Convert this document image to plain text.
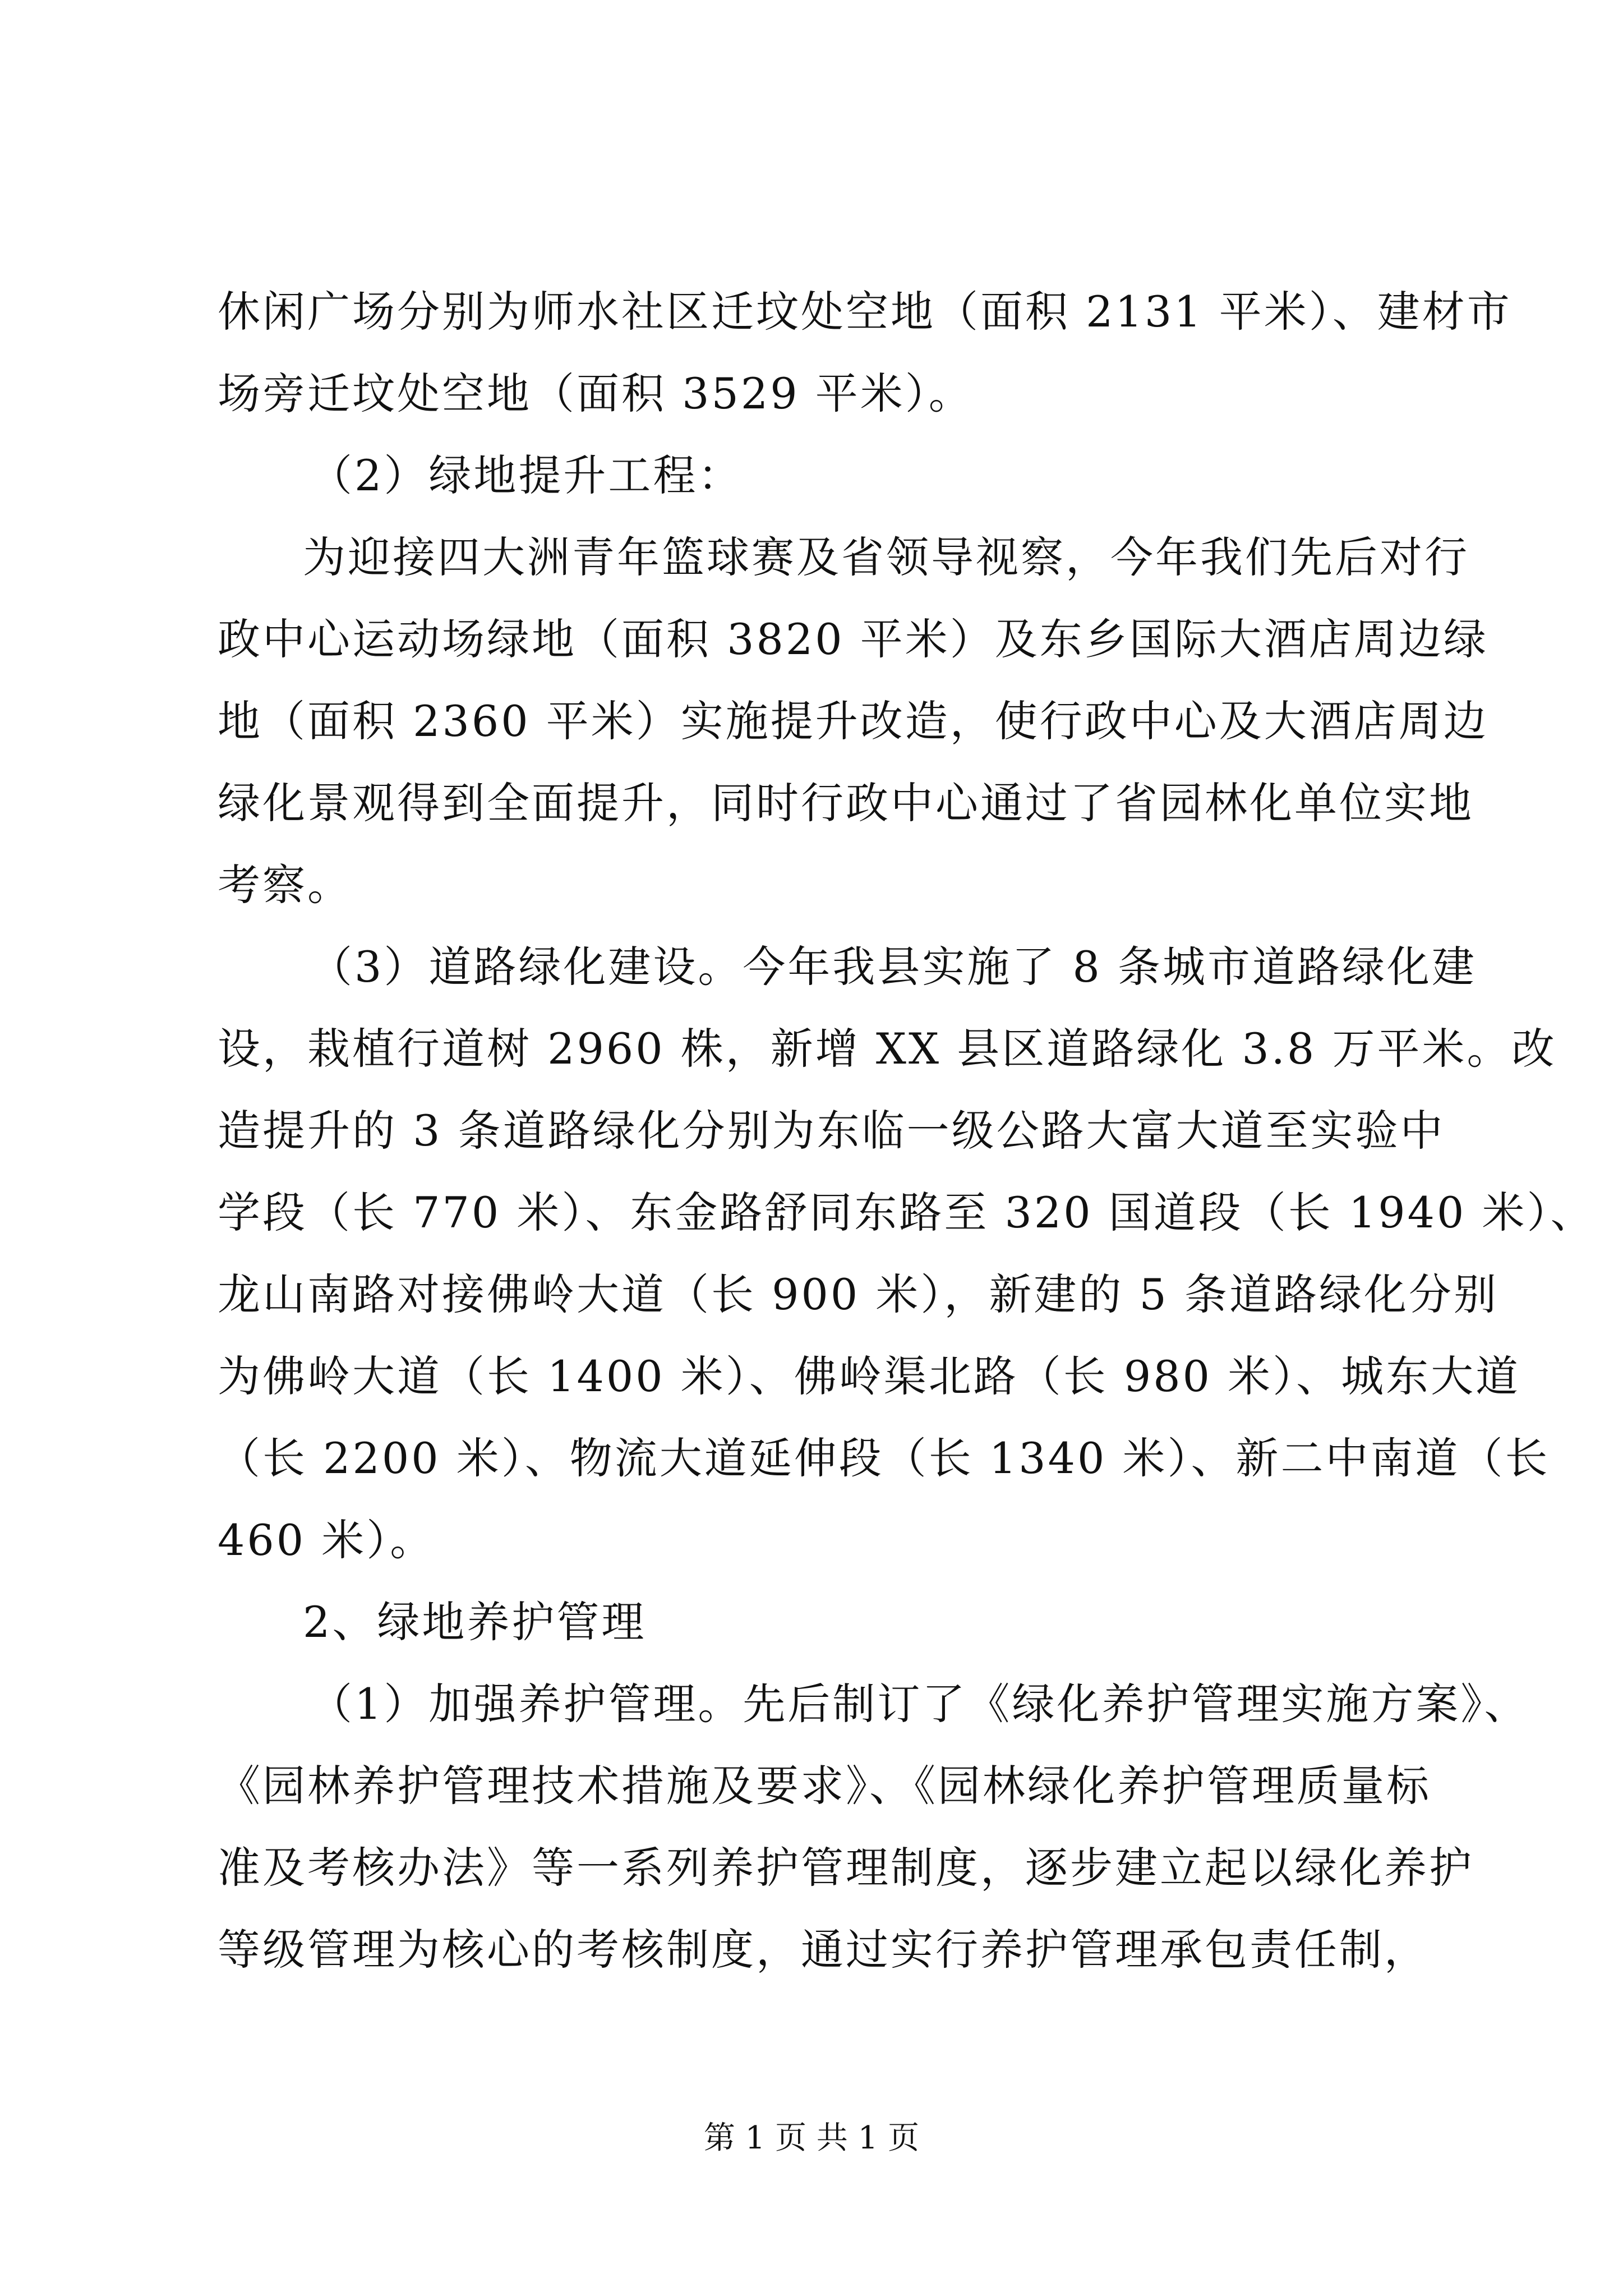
休闲广场分别为师水社区迁坟处空地（面积 2131 平米）、建材市
场旁迁坟处空地（面积 3529 平米）。
（2）绿地提升工程：
为迎接四大洲青年篮球赛及省领导视察，今年我们先后对行
政中心运动场绿地（面积 3820 平米）及东乡国际大酒店周边绿
地（面积 2360 平米）实施提升改造，使行政中心及大酒店周边
绿化景观得到全面提升，同时行政中心通过了省园林化单位实地
考察。
（3）道路绿化建设。今年我县实施了 8 条城市道路绿化建
设，栽植行道树 2960 株，新增 XX 县区道路绿化 3.8 万平米。改
造提升的 3 条道路绿化分别为东临一级公路大富大道至实验中
学段（长 770 米）、东金路舒同东路至 320 国道段（长 1940 米）、
龙山南路对接佛岭大道（长 900 米），新建的 5 条道路绿化分别
为佛岭大道（长 1400 米）、佛岭渠北路（长 980 米）、城东大道
（长 2200 米）、物流大道延伸段（长 1340 米）、新二中南道（长
460 米）。
2、绿地养护管理
（1）加强养护管理。先后制订了《绿化养护管理实施方案》、
《园林养护管理技术措施及要求》、《园林绿化养护管理质量标
准及考核办法》等一系列养护管理制度，逐步建立起以绿化养护
等级管理为核心的考核制度，通过实行养护管理承包责任制，
第 1 页 共 1 页
